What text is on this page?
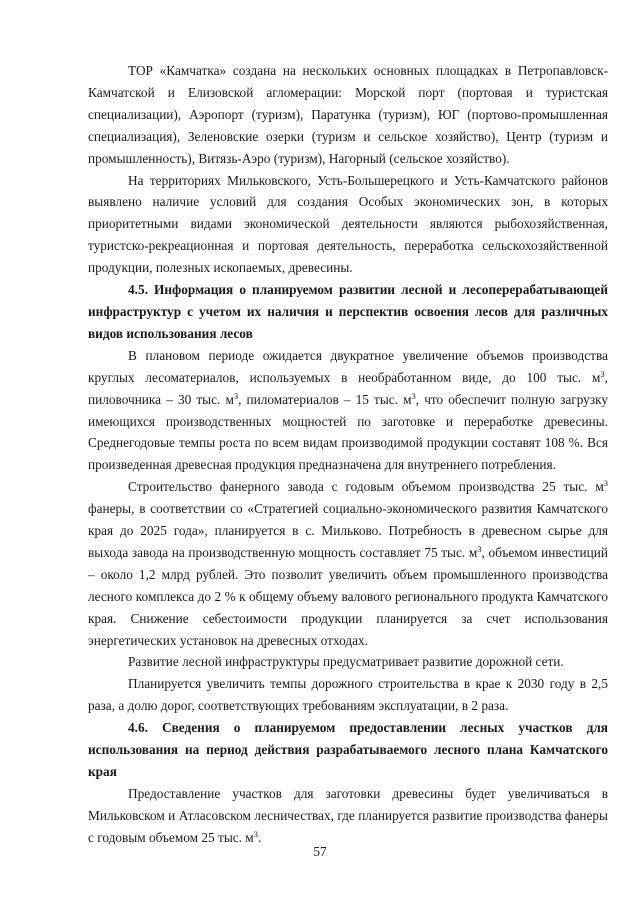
ТОР «Камчатка» создана на нескольких основных площадках в Петропавловск-Камчатской и Елизовской агломерации: Морской порт (портовая и туристская специализации), Аэропорт (туризм), Паратунка (туризм), ЮГ (портово-промышленная специализация), Зеленовские озерки (туризм и сельское хозяйство), Центр (туризм и промышленность), Витязь-Аэро (туризм), Нагорный (сельское хозяйство).

На территориях Мильковского, Усть-Большерецкого и Усть-Камчатского районов выявлено наличие условий для создания Особых экономических зон, в которых приоритетными видами экономической деятельности являются рыбохозяйственная, туристско-рекреационная и портовая деятельность, переработка сельскохозяйственной продукции, полезных ископаемых, древесины.

4.5. Информация о планируемом развитии лесной и лесоперерабатывающей инфраструктур с учетом их наличия и перспектив освоения лесов для различных видов использования лесов

В плановом периоде ожидается двукратное увеличение объемов производства круглых лесоматериалов, используемых в необработанном виде, до 100 тыс. $м^3$, пиловочника – 30 тыс. $м^3$, пиломатериалов – 15 тыс. $м^3$, что обеспечит полную загрузку имеющихся производственных мощностей по заготовке и переработке древесины. Среднегодовые темпы роста по всем видам производимой продукции составят 108 %. Вся произведенная древесная продукция предназначена для внутреннего потребления.

Строительство фанерного завода с годовым объемом производства 25 тыс. $м^3$ фанеры, в соответствии со «Стратегией социально-экономического развития Камчатского края до 2025 года», планируется в с. Мильково. Потребность в древесном сырье для выхода завода на производственную мощность составляет 75 тыс. $м^3$, объемом инвестиций – около 1,2 млрд рублей. Это позволит увеличить объем промышленного производства лесного комплекса до 2 % к общему объему валового регионального продукта Камчатского края. Снижение себестоимости продукции планируется за счет использования энергетических установок на древесных отходах.

Развитие лесной инфраструктуры предусматривает развитие дорожной сети.

Планируется увеличить темпы дорожного строительства в крае к 2030 году в 2,5 раза, а долю дорог, соответствующих требованиям эксплуатации, в 2 раза.

4.6. Сведения о планируемом предоставлении лесных участков для использования на период действия разрабатываемого лесного плана Камчатского края

Предоставление участков для заготовки древесины будет увеличиваться в Мильковском и Атласовском лесничествах, где планируется развитие производства фанеры с годовым объемом 25 тыс. $м^3$.

57
